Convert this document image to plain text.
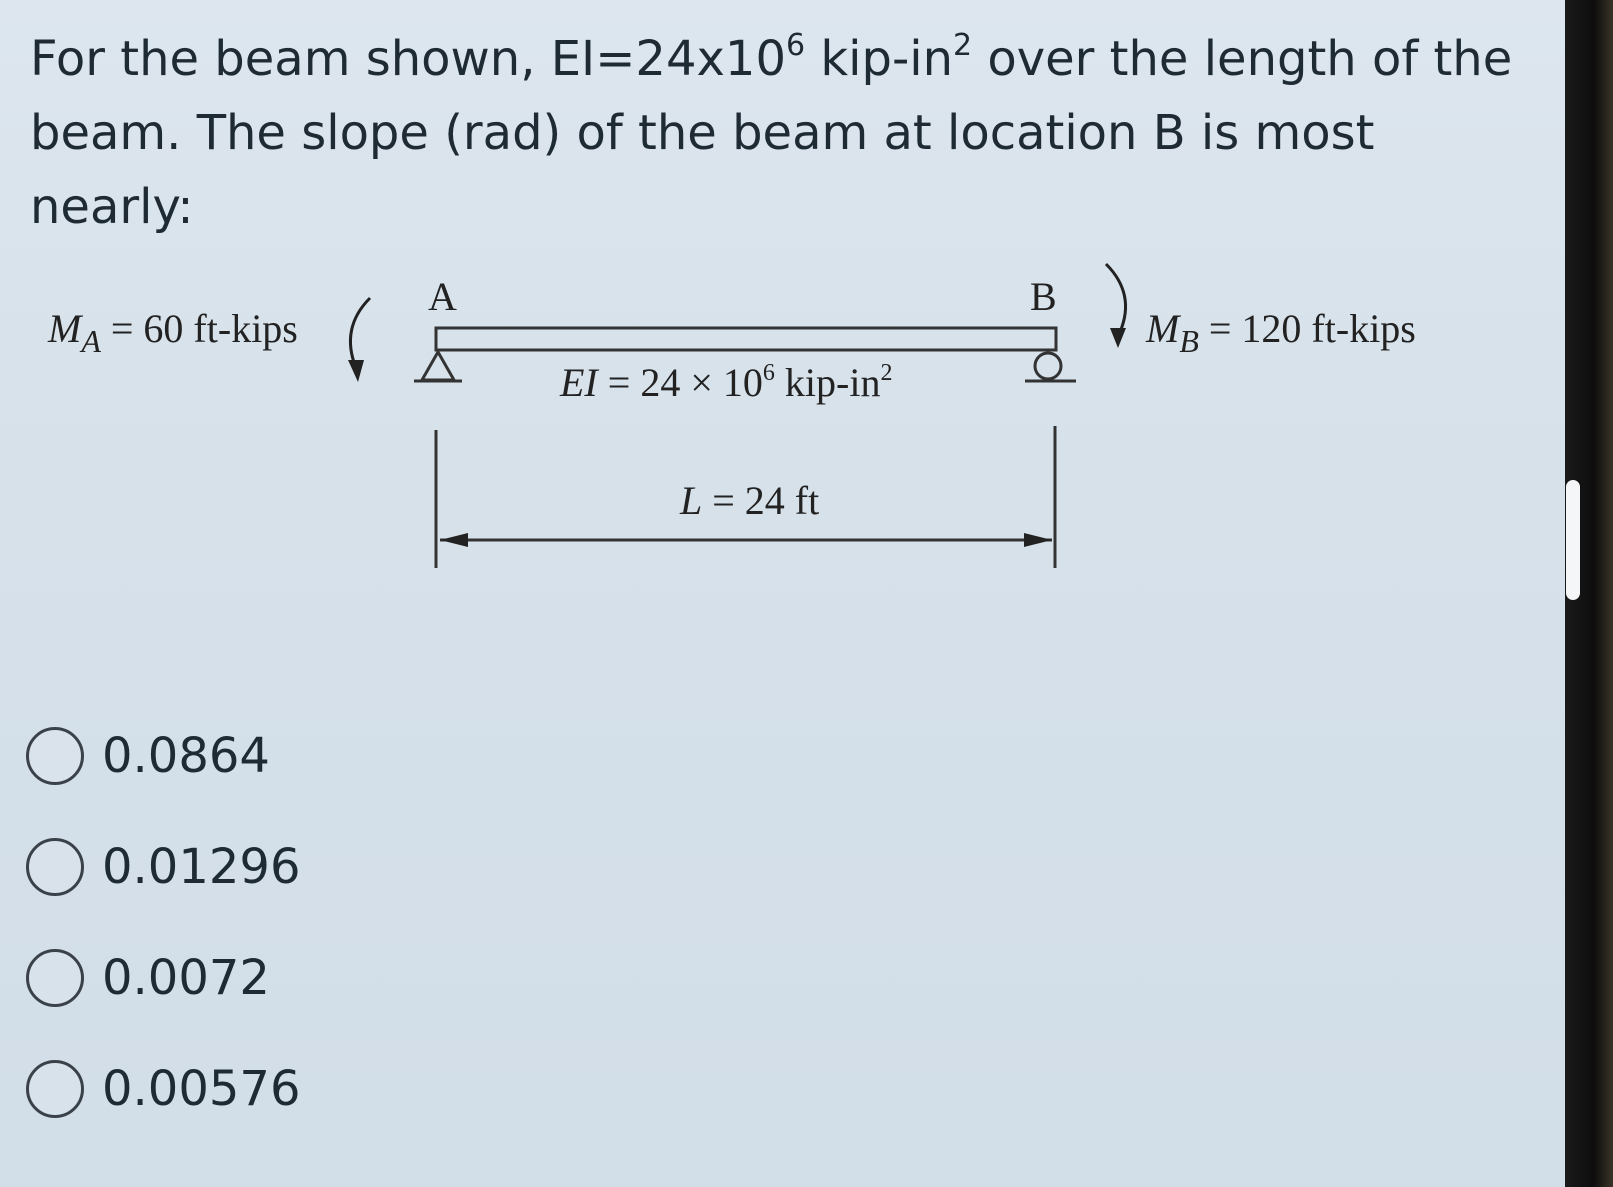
For the beam shown, $EI=24x10^6$ kip-$in^2$ over the length of the
beam. The slope (rad) of the beam at location B is most nearly:
$M_A = 60$ ft-kips
A	B
EI = $24 \times 10^6$ kip-$in^2$
$M_B = 120$ ft-kips
L = 24 ft
0.0864
0.01296
0.0072
0.00576
